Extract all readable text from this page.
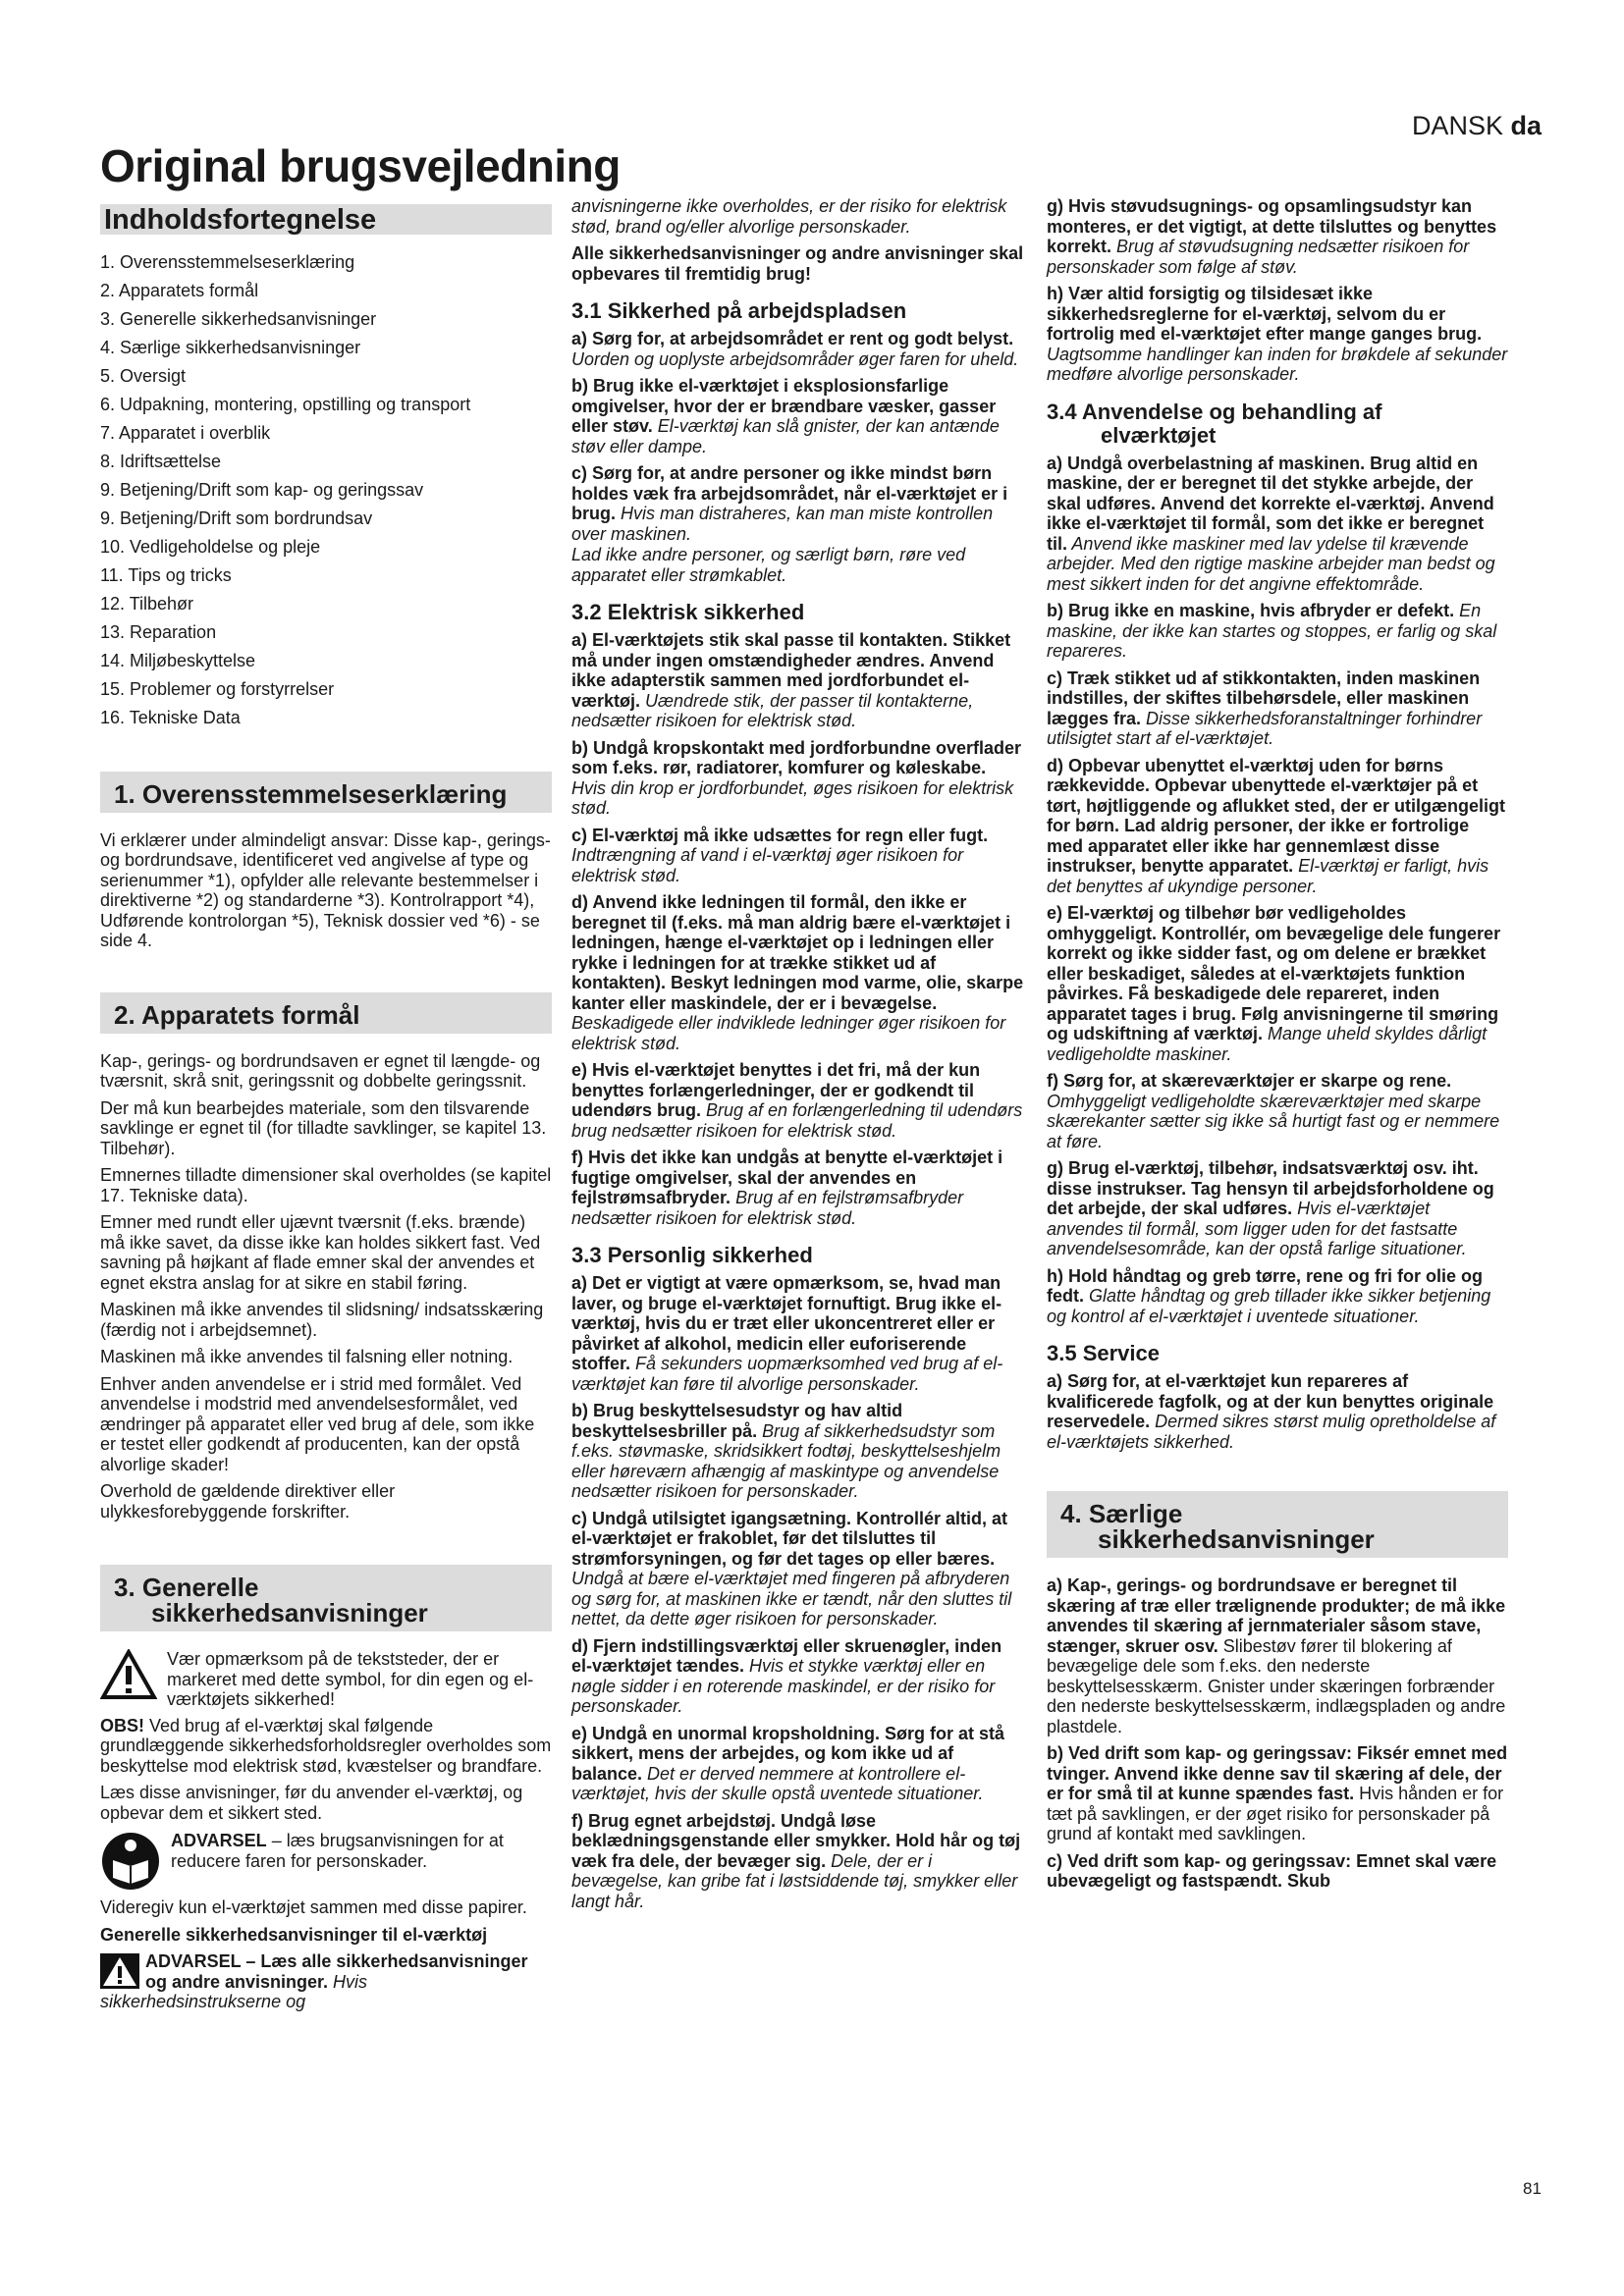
DANSK da
Original brugsvejledning
Indholdsfortegnelse
1. Overensstemmelseserklæring
2. Apparatets formål
3. Generelle sikkerhedsanvisninger
4. Særlige sikkerhedsanvisninger
5. Oversigt
6. Udpakning, montering, opstilling og transport
7. Apparatet i overblik
8. Idriftsættelse
9. Betjening/Drift som kap- og geringssav
9. Betjening/Drift som bordrundsav
10. Vedligeholdelse og pleje
11. Tips og tricks
12. Tilbehør
13. Reparation
14. Miljøbeskyttelse
15. Problemer og forstyrrelser
16. Tekniske Data
1. Overensstemmelseserklæring

Vi erklærer under almindeligt ansvar: Disse kap-, gerings- og bordrundsave, identificeret ved angivelse af type og serienummer *1), opfylder alle relevante bestemmelser i direktiverne *2) og standarderne *3). Kontrolrapport *4), Udførende kontrolorgan *5), Teknisk dossier ved *6) - se side 4.

2. Apparatets formål

Kap-, gerings- og bordrundsaven er egnet til længde- og tværsnit, skrå snit, geringssnit og dobbelte geringssnit.

Der må kun bearbejdes materiale, som den tilsvarende savklinge er egnet til (for tilladte savklinger, se kapitel 13. Tilbehør).

Emnernes tilladte dimensioner skal overholdes (se kapitel 17. Tekniske data).

Emner med rundt eller ujævnt tværsnit (f.eks. brænde) må ikke savet, da disse ikke kan holdes sikkert fast. Ved savning på højkant af flade emner skal der anvendes et egnet ekstra anslag for at sikre en stabil føring.

Maskinen må ikke anvendes til slidsning/ indsatsskæring (færdig not i arbejdsemnet).

Maskinen må ikke anvendes til falsning eller notning.

Enhver anden anvendelse er i strid med formålet. Ved anvendelse i modstrid med anvendelsesformålet, ved ændringer på apparatet eller ved brug af dele, som ikke er testet eller godkendt af producenten, kan der opstå alvorlige skader!

Overhold de gældende direktiver eller ulykkesforebyggende forskrifter.

3. Generelle
sikkerhedsanvisninger
Vær opmærksom på de tekststeder, der er markeret med dette symbol, for din egen og el-værktøjets sikkerhed!

OBS! Ved brug af el-værktøj skal følgende grundlæggende sikkerhedsforholdsregler overholdes som beskyttelse mod elektrisk stød, kvæstelser og brandfare.

Læs disse anvisninger, før du anvender el-værktøj, og opbevar dem et sikkert sted.

ADVARSEL – læs brugsanvisningen for at reducere faren for personskader.

Videregiv kun el-værktøjet sammen med disse papirer.

Generelle sikkerhedsanvisninger til el-værktøj

ADVARSEL – Læs alle sikkerhedsanvisninger og andre anvisninger. Hvis sikkerhedsinstrukserne og

anvisningerne ikke overholdes, er der risiko for elektrisk stød, brand og/eller alvorlige personskader.

Alle sikkerhedsanvisninger og andre anvisninger skal opbevares til fremtidig brug!

3.1 Sikkerhed på arbejdspladsen

a) Sørg for, at arbejdsområdet er rent og godt belyst. Uorden og uoplyste arbejdsområder øger faren for uheld.

b) Brug ikke el-værktøjet i eksplosionsfarlige omgivelser, hvor der er brændbare væsker, gasser eller støv. El-værktøj kan slå gnister, der kan antænde støv eller dampe.

c) Sørg for, at andre personer og ikke mindst børn holdes væk fra arbejdsområdet, når el-værktøjet er i brug. Hvis man distraheres, kan man miste kontrollen over maskinen.

Lad ikke andre personer, og særligt børn, røre ved apparatet eller strømkablet.

3.2 Elektrisk sikkerhed

a) El-værktøjets stik skal passe til kontakten. Stikket må under ingen omstændigheder ændres. Anvend ikke adapterstik sammen med jordforbundet el-værktøj. Uændrede stik, der passer til kontakterne, nedsætter risikoen for elektrisk stød.

b) Undgå kropskontakt med jordforbundne overflader som f.eks. rør, radiatorer, komfurer og køleskabe. Hvis din krop er jordforbundet, øges risikoen for elektrisk stød.

c) El-værktøj må ikke udsættes for regn eller fugt. Indtrængning af vand i el-værktøj øger risikoen for elektrisk stød.

d) Anvend ikke ledningen til formål, den ikke er beregnet til (f.eks. må man aldrig bære el-værktøjet i ledningen, hænge el-værktøjet op i ledningen eller rykke i ledningen for at trække stikket ud af kontakten). Beskyt ledningen mod varme, olie, skarpe kanter eller maskindele, der er i bevægelse. Beskadigede eller indviklede ledninger øger risikoen for elektrisk stød.

e) Hvis el-værktøjet benyttes i det fri, må der kun benyttes forlængerledninger, der er godkendt til udendørs brug. Brug af en forlængerledning til udendørs brug nedsætter risikoen for elektrisk stød.

f) Hvis det ikke kan undgås at benytte el-værktøjet i fugtige omgivelser, skal der anvendes en fejlstrømsafbryder. Brug af en fejlstrømsafbryder nedsætter risikoen for elektrisk stød.

3.3 Personlig sikkerhed

a) Det er vigtigt at være opmærksom, se, hvad man laver, og bruge el-værktøjet fornuftigt. Brug ikke el-værktøj, hvis du er træt eller ukoncentreret eller er påvirket af alkohol, medicin eller euforiserende stoffer. Få sekunders uopmærksomhed ved brug af el-værktøjet kan føre til alvorlige personskader.

b) Brug beskyttelsesudstyr og hav altid beskyttelsesbriller på. Brug af sikkerhedsudstyr som f.eks. støvmaske, skridsikkert fodtøj, beskyttelseshjelm eller høreværn afhængig af maskintype og anvendelse nedsætter risikoen for personskader.

c) Undgå utilsigtet igangsætning. Kontrollér altid, at el-værktøjet er frakoblet, før det tilsluttes til strømforsyningen, og før det tages op eller bæres. Undgå at bære el-værktøjet med fingeren på afbryderen og sørg for, at maskinen ikke er tændt, når den sluttes til nettet, da dette øger risikoen for personskader.

d) Fjern indstillingsværktøj eller skruenøgler, inden el-værktøjet tændes. Hvis et stykke værktøj eller en nøgle sidder i en roterende maskindel, er der risiko for personskader.

e) Undgå en unormal kropsholdning. Sørg for at stå sikkert, mens der arbejdes, og kom ikke ud af balance. Det er derved nemmere at kontrollere el-værktøjet, hvis der skulle opstå uventede situationer.

f) Brug egnet arbejdstøj. Undgå løse beklædningsgenstande eller smykker. Hold hår og tøj væk fra dele, der bevæger sig. Dele, der er i bevægelse, kan gribe fat i løstsiddende tøj, smykker eller langt hår.

g) Hvis støvudsugnings- og opsamlingsudstyr kan monteres, er det vigtigt, at dette tilsluttes og benyttes korrekt. Brug af støvudsugning nedsætter risikoen for personskader som følge af støv.

h) Vær altid forsigtig og tilsidesæt ikke sikkerhedsreglerne for el-værktøj, selvom du er fortrolig med el-værktøjet efter mange ganges brug. Uagtsomme handlinger kan inden for brøkdele af sekunder medføre alvorlige personskader.

3.4 Anvendelse og behandling af
elværktøjet

a) Undgå overbelastning af maskinen. Brug altid en maskine, der er beregnet til det stykke arbejde, der skal udføres. Anvend det korrekte el-værktøj. Anvend ikke el-værktøjet til formål, som det ikke er beregnet til. Anvend ikke maskiner med lav ydelse til krævende arbejder. Med den rigtige maskine arbejder man bedst og mest sikkert inden for det angivne effektområde.

b) Brug ikke en maskine, hvis afbryder er defekt. En maskine, der ikke kan startes og stoppes, er farlig og skal repareres.

c) Træk stikket ud af stikkontakten, inden maskinen indstilles, der skiftes tilbehørsdele, eller maskinen lægges fra. Disse sikkerhedsforanstaltninger forhindrer utilsigtet start af el-værktøjet.

d) Opbevar ubenyttet el-værktøj uden for børns rækkevidde. Opbevar ubenyttede el-værktøjer på et tørt, højtliggende og aflukket sted, der er utilgængeligt for børn. Lad aldrig personer, der ikke er fortrolige med apparatet eller ikke har gennemlæst disse instrukser, benytte apparatet. El-værktøj er farligt, hvis det benyttes af ukyndige personer.

e) El-værktøj og tilbehør bør vedligeholdes omhyggeligt. Kontrollér, om bevægelige dele fungerer korrekt og ikke sidder fast, og om delene er brækket eller beskadiget, således at el-værktøjets funktion påvirkes. Få beskadigede dele repareret, inden apparatet tages i brug. Følg anvisningerne til smøring og udskiftning af værktøj. Mange uheld skyldes dårligt vedligeholdte maskiner.

f) Sørg for, at skæreværktøjer er skarpe og rene. Omhyggeligt vedligeholdte skæreværktøjer med skarpe skærekanter sætter sig ikke så hurtigt fast og er nemmere at føre.

g) Brug el-værktøj, tilbehør, indsatsværktøj osv. iht. disse instrukser. Tag hensyn til arbejdsforholdene og det arbejde, der skal udføres. Hvis el-værktøjet anvendes til formål, som ligger uden for det fastsatte anvendelsesområde, kan der opstå farlige situationer.

h) Hold håndtag og greb tørre, rene og fri for olie og fedt. Glatte håndtag og greb tillader ikke sikker betjening og kontrol af el-værktøjet i uventede situationer.

3.5 Service

a) Sørg for, at el-værktøjet kun repareres af kvalificerede fagfolk, og at der kun benyttes originale reservedele. Dermed sikres størst mulig opretholdelse af el-værktøjets sikkerhed.

4. Særlige
sikkerhedsanvisninger

a) Kap-, gerings- og bordrundsave er beregnet til skæring af træ eller trælignende produkter; de må ikke anvendes til skæring af jernmaterialer såsom stave, stænger, skruer osv. Slibestøv fører til blokering af bevægelige dele som f.eks. den nederste beskyttelsesskærm. Gnister under skæringen forbrænder den nederste beskyttelsesskærm, indlægspladen og andre plastdele.

b) Ved drift som kap- og geringssav: Fiksér emnet med tvinger. Anvend ikke denne sav til skæring af dele, der er for små til at kunne spændes fast. Hvis hånden er for tæt på savklingen, er der øget risiko for personskader på grund af kontakt med savklingen.

c) Ved drift som kap- og geringssav: Emnet skal være ubevægeligt og fastspændt. Skub

81
